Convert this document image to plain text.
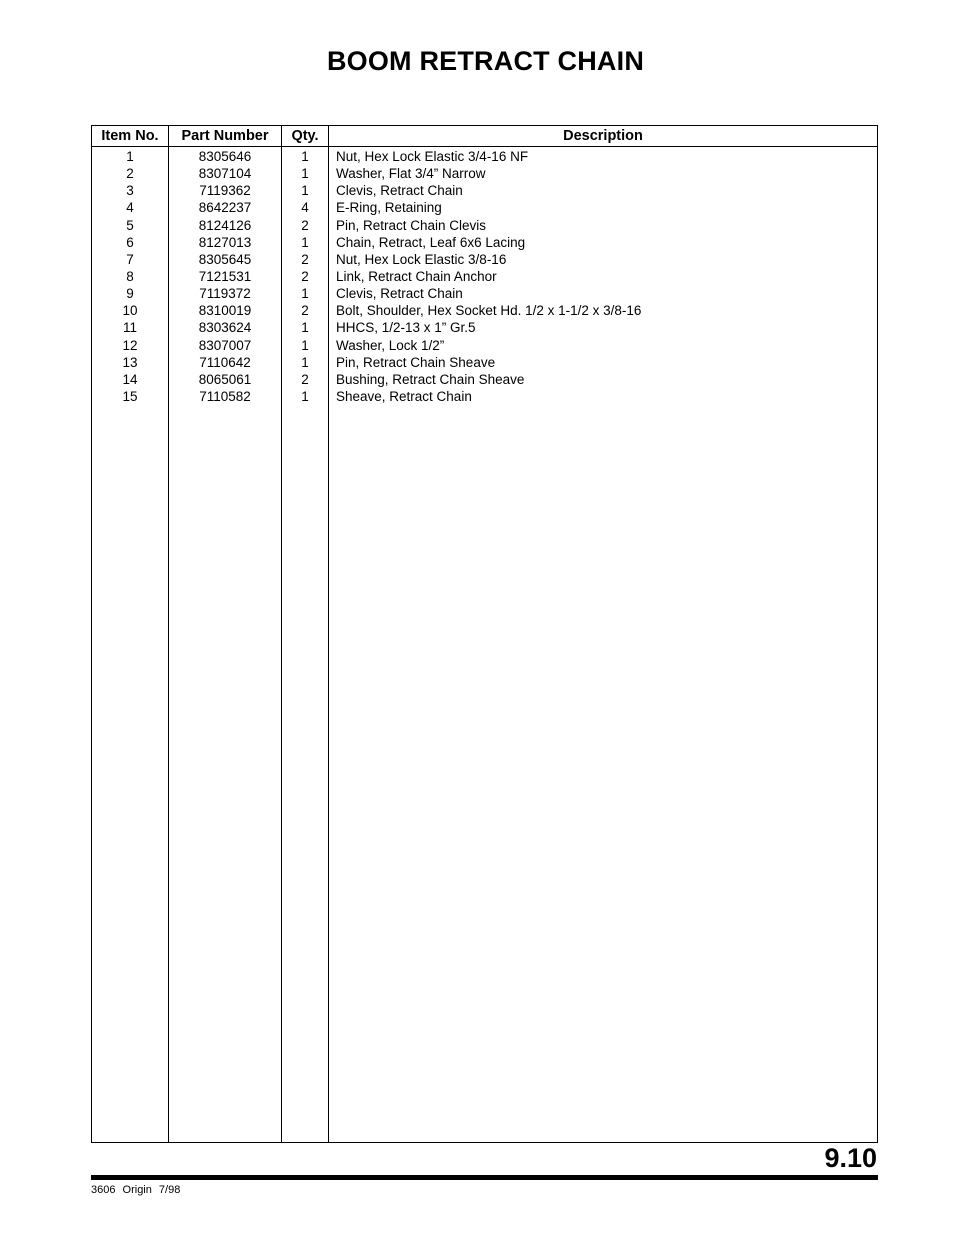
BOOM RETRACT CHAIN
Item No.	Part Number	Qty.	Description
1	8305646	1	Nut, Hex Lock Elastic 3/4-16 NF
2	8307104	1	Washer, Flat 3/4” Narrow
3	7119362	1	Clevis, Retract Chain
4	8642237	4	E-Ring, Retaining
5	8124126	2	Pin, Retract Chain Clevis
6	8127013	1	Chain, Retract, Leaf 6x6 Lacing
7	8305645	2	Nut, Hex Lock Elastic 3/8-16
8	7121531	2	Link, Retract Chain Anchor
9	7119372	1	Clevis, Retract Chain
10	8310019	2	Bolt, Shoulder, Hex Socket Hd. 1/2 x 1-1/2 x 3/8-16
11	8303624	1	HHCS, 1/2-13 x 1” Gr.5
12	8307007	1	Washer, Lock 1/2”
13	7110642	1	Pin, Retract Chain Sheave
14	8065061	2	Bushing, Retract Chain Sheave
15	7110582	1	Sheave, Retract Chain
9.10
3606 Origin 7/98
